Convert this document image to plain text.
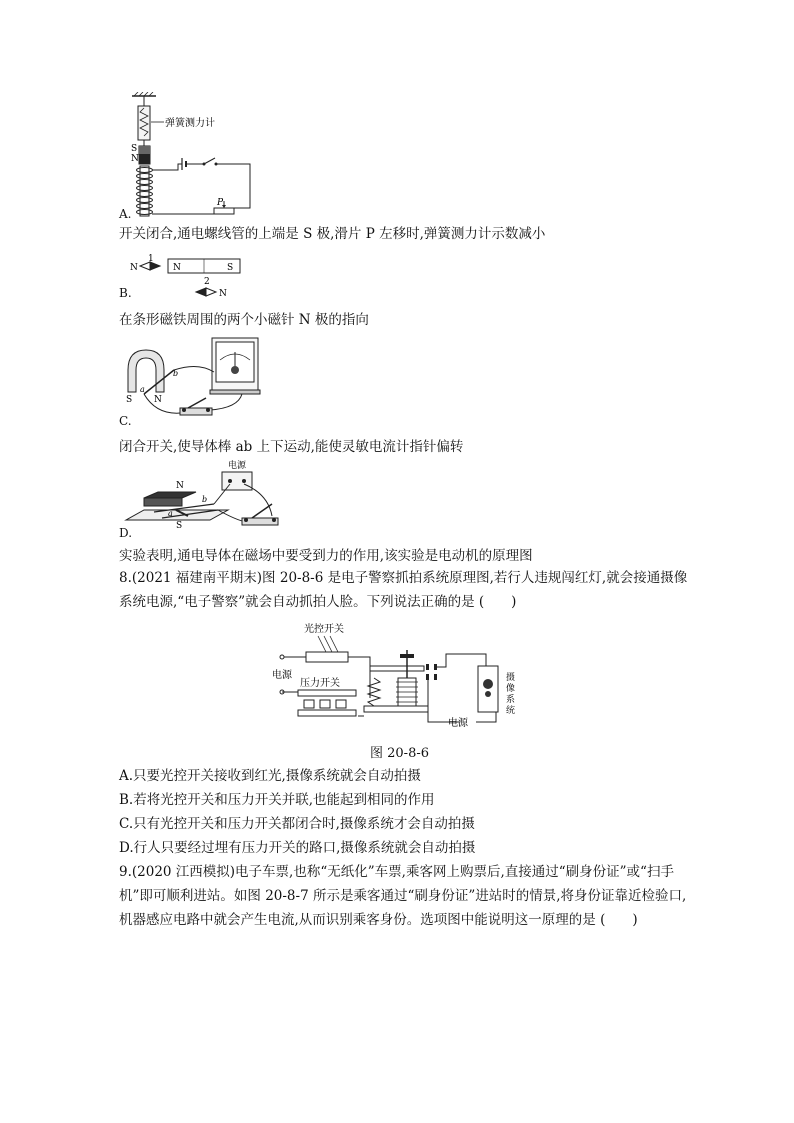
弹簧测力计
S
N
P
A.
开关闭合,通电螺线管的上端是 S 极,滑片 P 左移时,弹簧测力计示数减小
N
1
N	S
2
N
B.
在条形磁铁周围的两个小磁针 N 极的指向
S N
a
b
C.
闭合开关,使导体棒 ab 上下运动,能使灵敏电流计指针偏转
电源
N
S
a
b
D.
实验表明,通电导体在磁场中要受到力的作用,该实验是电动机的原理图
8.(2021 福建南平期末)图 20-8-6 是电子警察抓拍系统原理图,若行人违规闯红灯,就会接通摄像系统电源,“电子警察”就会自动抓拍人脸。下列说法正确的是 (　　)
光控开关
电源
压力开关
电源
摄
像
系
统
图 20-8-6
A.只要光控开关接收到红光,摄像系统就会自动拍摄
B.若将光控开关和压力开关并联,也能起到相同的作用
C.只有光控开关和压力开关都闭合时,摄像系统才会自动拍摄
D.行人只要经过埋有压力开关的路口,摄像系统就会自动拍摄
9.(2020 江西模拟)电子车票,也称“无纸化”车票,乘客网上购票后,直接通过“刷身份证”或“扫手机”即可顺利进站。如图 20-8-7 所示是乘客通过“刷身份证”进站时的情景,将身份证靠近检验口,机器感应电路中就会产生电流,从而识别乘客身份。选项图中能说明这一原理的是 (　　)
